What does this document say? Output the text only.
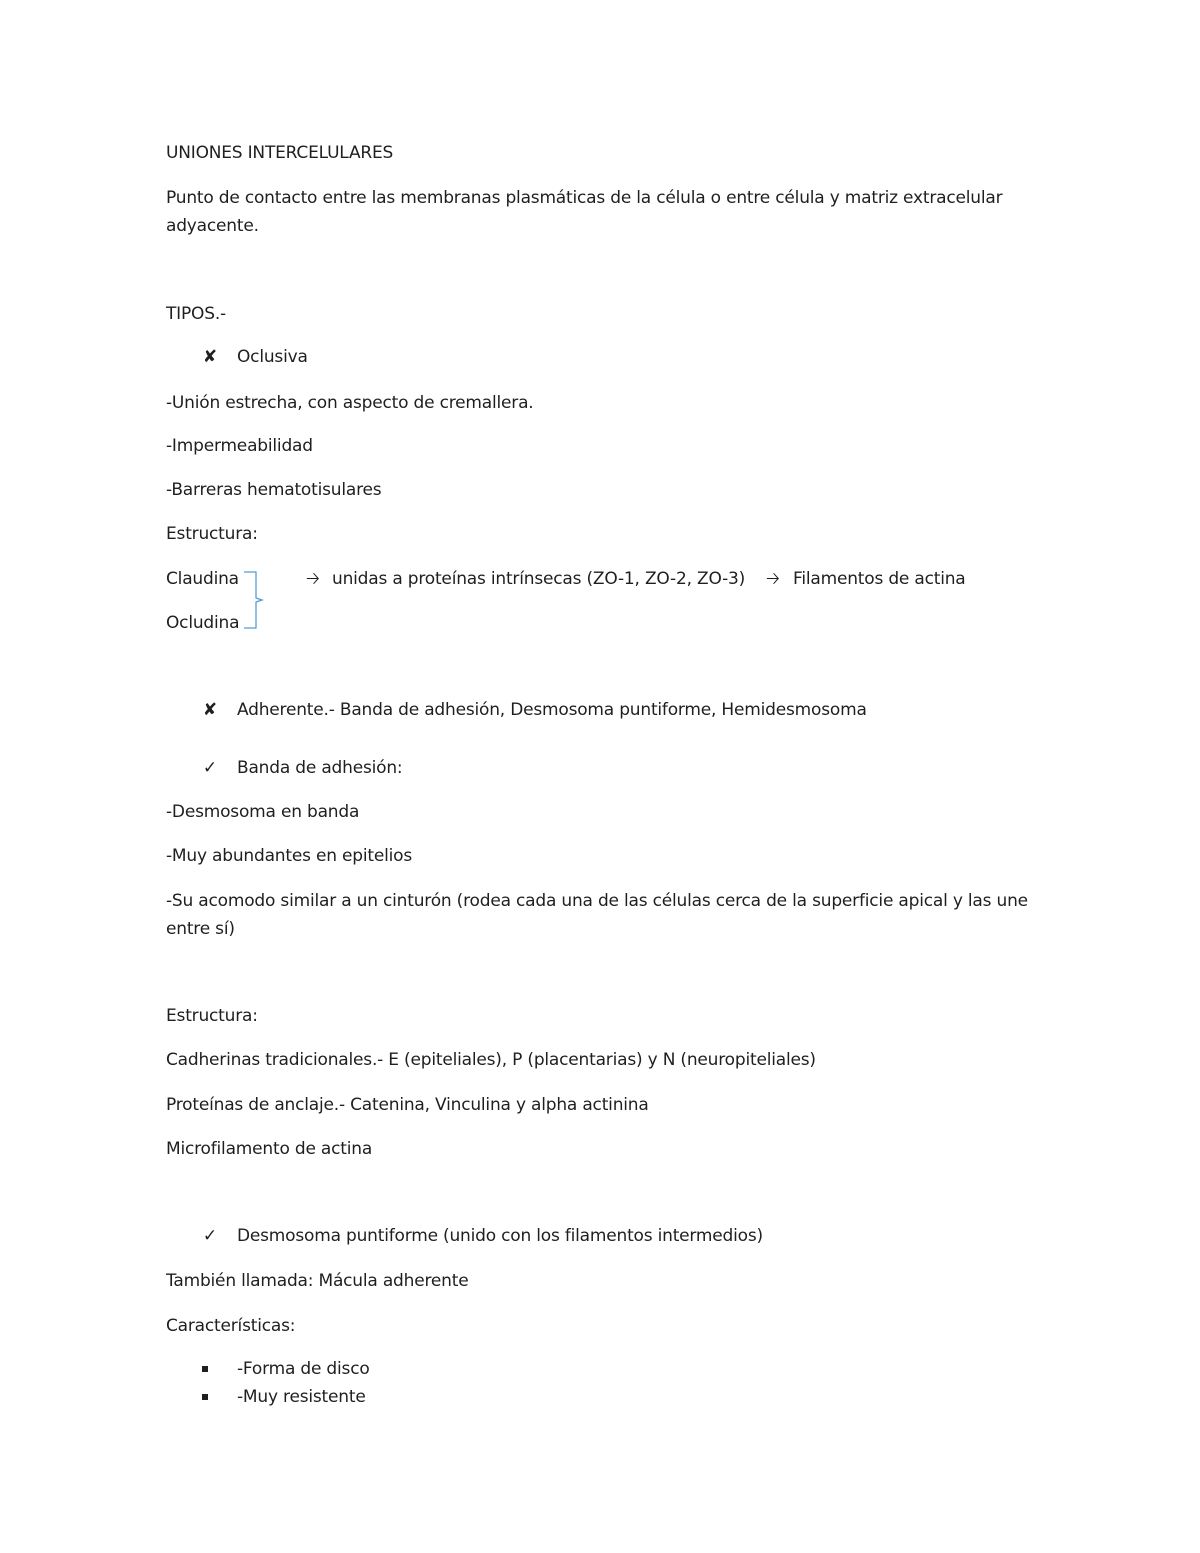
UNIONES INTERCELULARES
Punto de contacto entre las membranas plasmáticas de la célula o entre célula y matriz extracelular adyacente.
TIPOS.-
✘ Oclusiva
-Unión estrecha, con aspecto de cremallera.
-Impermeabilidad
-Barreras hematotisulares
Estructura:
Claudina
Ocludina
🡢 unidas a proteínas intrínsecas (ZO-1, ZO-2, ZO-3) 🡢 Filamentos de actina
✘ Adherente.- Banda de adhesión, Desmosoma puntiforme, Hemidesmosoma
✓ Banda de adhesión:
-Desmosoma en banda
-Muy abundantes en epitelios
-Su acomodo similar a un cinturón (rodea cada una de las células cerca de la superficie apical y las une entre sí)
Estructura:
Cadherinas tradicionales.- E (epiteliales), P (placentarias) y N (neuropiteliales)
Proteínas de anclaje.- Catenina, Vinculina y alpha actinina
Microfilamento de actina
✓ Desmosoma puntiforme (unido con los filamentos intermedios)
También llamada: Mácula adherente
Características:
-Forma de disco
-Muy resistente
